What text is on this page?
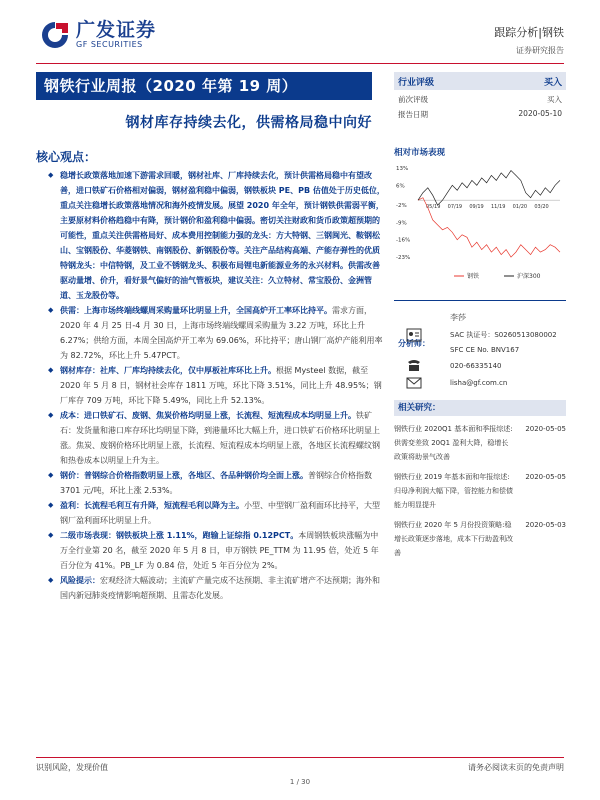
广发证券
GF SECURITIES
跟踪分析|钢铁
证券研究报告
钢铁行业周报（2020 年第 19 周）
钢材库存持续去化，供需格局稳中向好
核心观点：
◆ 稳增长政策落地加速下游需求回暖，钢材社库、厂库持续去化，预计供需格局稳中有望改善，进口铁矿石价格相对偏弱，钢材盈利稳中偏弱，钢铁板块 PE、PB 估值处于历史低位，重点关注稳增长政策落地情况和海外疫情发展。展望 2020 年全年，预计钢铁供需弱平衡，主要原材料价格趋稳中有降，预计钢价和盈利稳中偏弱。密切关注财政和货币政策超预期的可能性，重点关注供需格局好、成本费用控制能力强的龙头：方大特钢、三钢闽光、鞍钢松山、宝钢股份、华菱钢铁、南钢股份、新钢股份等。关注产品结构高端、产能存弹性的优质特钢龙头：中信特钢，及工业不锈钢龙头、积极布局锂电新能源业务的永兴材料。供需改善驱动量增、价升，看好景气偏好的油气管板块，建议关注：久立特材、常宝股份、金洲管道、玉龙股份等。
◆ 供需：上海市场终端线螺周采购量环比明显上升，全国高炉开工率环比持平。需求方面，2020 年 4 月 25 日-4 月 30 日，上海市场终端线螺周采购量为 3.22 万吨，环比上升 6.27%；供给方面，本周全国高炉开工率为 69.06%，环比持平；唐山钢厂高炉产能利用率为 82.72%，环比上升 5.47PCT。
◆ 钢材库存：社库、厂库均持续去化，仅中厚板社库环比上升。根据 Mysteel 数据，截至 2020 年 5 月 8 日，钢材社会库存 1811 万吨，环比下降 3.51%，同比上升 48.95%；钢厂库存 709 万吨，环比下降 5.49%，同比上升 52.13%。
◆ 成本：进口铁矿石、废钢、焦炭价格均明显上涨，长流程、短流程成本均明显上升。铁矿石：发货量和港口库存环比均明显下降，到港量环比大幅上升，进口铁矿石价格环比明显上涨。焦炭、废钢价格环比明显上涨，长流程、短流程成本均明显上涨，各地区长流程螺纹钢和热卷成本以明显上升为主。
◆ 钢价：普钢综合价格指数明显上涨，各地区、各品种钢价均全面上涨。普钢综合价格指数 3701 元/吨，环比上涨 2.53%。
◆ 盈利：长流程毛利互有升降，短流程毛利以降为主。小型、中型钢厂盈利面环比持平，大型钢厂盈利面环比明显上升。
◆ 二级市场表现：钢铁板块上涨 1.11%，跑输上证综指 0.12PCT。本周钢铁板块涨幅为中万全行业第 20 名，截至 2020 年 5 月 8 日，申万钢铁 PE_TTM 为 11.95 倍，处近 5 年百分位为 41%。PB_LF 为 0.84 倍，处近 5 年百分位为 2%。
◆ 风险提示：宏观经济大幅波动；主流矿产量完成不达预期、非主流矿增产不达预期；海外和国内新冠肺炎疫情影响超预期、且需态化发展。
行业评级	买入
前次评级	买入
报告日期	2020-05-10
相对市场表现
13%
6%
-2%
-9%
-16%
-23%
05/19 07/19 09/19 11/19 01/20 03/20
钢铁	沪深300
分析师：
李莎
SAC 执证号：S0260513080002
SFC CE No. BNV167
020-66335140
lisha@gf.com.cn
相关研究：
钢铁行业 2020Q1 基本面和季报综述:供需变差致 20Q1 盈利大降，稳增长政策将助景气改善
2020-05-05
钢铁行业 2019 年基本面和年报综述:归母净利润大幅下降，管控能力和偿债能力明显提升
2020-05-05
钢铁行业 2020 年 5 月份投资策略:稳增长政策逐步落地，成本下行助盈利改善
2020-05-03
识别风险，发现价值	请务必阅读末页的免责声明
1 / 30
